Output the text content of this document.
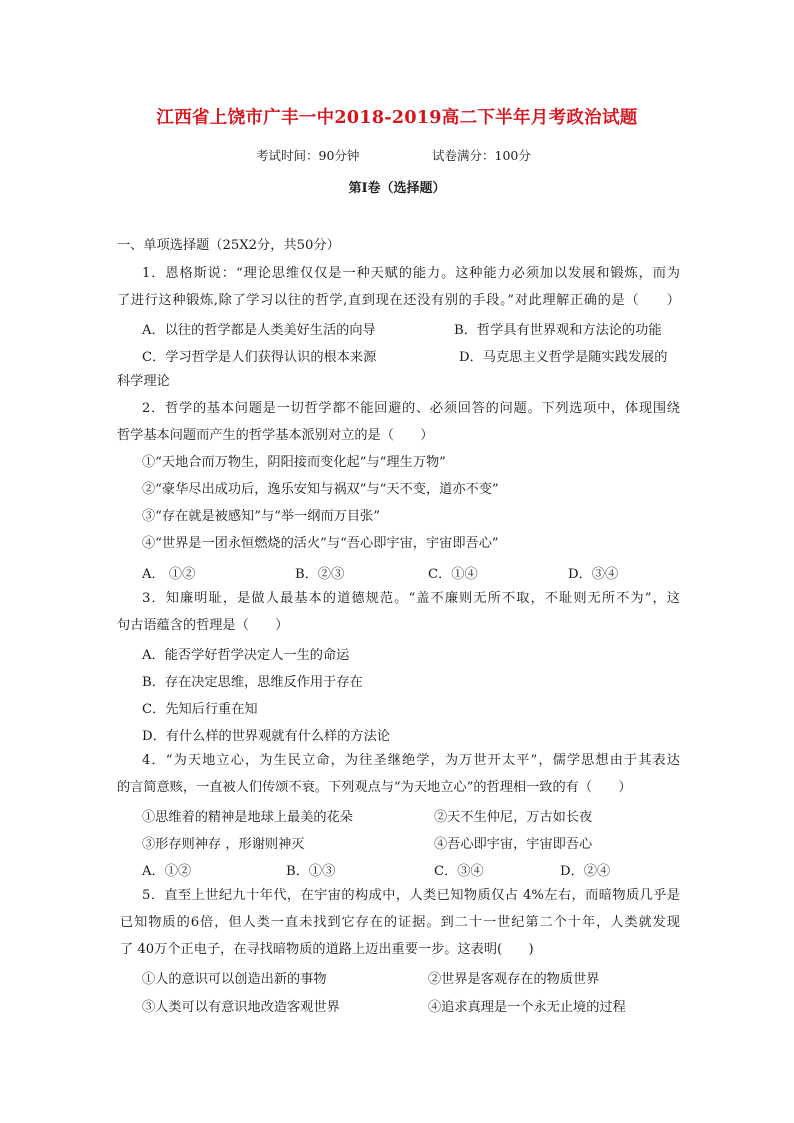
江西省上饶市广丰一中2018-2019高二下半年月考政治试题
考试时间：90分钟	试卷满分：100分
第Ⅰ卷（选择题）
一、单项选择题（25X2分，共50分）
1．恩格斯说：“理论思维仅仅是一种天赋的能力。这种能力必须加以发展和锻炼，而为
了进行这种锻炼,除了学习以往的哲学,直到现在还没有别的手段。”对此理解正确的是（　　）
A．以往的哲学都是人类美好生活的向导	B．哲学具有世界观和方法论的功能
C．学习哲学是人们获得认识的根本来源	D．马克思主义哲学是随实践发展的
科学理论
2．哲学的基本问题是一切哲学都不能回避的、必须回答的问题。下列选项中，体现围绕
哲学基本问题而产生的哲学基本派别对立的是（　　）
①“天地合而万物生，阴阳接而变化起”与“理生万物”
②“豪华尽出成功后，逸乐安知与祸双”与“天不变，道亦不变”
③“存在就是被感知”与“举一纲而万目张”
④“世界是一团永恒燃烧的活火”与“吾心即宇宙，宇宙即吾心”
A． ①②	B．②③	C．①④	D．③④
3．知廉明耻，是做人最基本的道德规范。“盖不廉则无所不取，不耻则无所不为”，这
句古语蕴含的哲理是（　　）
A．能否学好哲学决定人一生的命运
B．存在决定思维，思维反作用于存在
C．先知后行重在知
D．有什么样的世界观就有什么样的方法论
4．“为天地立心，为生民立命，为往圣继绝学，为万世开太平”，儒学思想由于其表达
的言简意赅，一直被人们传颂不衰。下列观点与“为天地立心”的哲理相一致的有（　　）
①思维着的精神是地球上最美的花朵	②天不生仲尼，万古如长夜
③形存则神存 ，形谢则神灭	④吾心即宇宙，宇宙即吾心
A．①②	B．①③	C．③④	D．②④
5．直至上世纪九十年代，在宇宙的构成中，人类已知物质仅占 4%左右，而暗物质几乎是
已知物质的6倍，但人类一直未找到它存在的证据。到二十一世纪第二个十年，人类就发现
了 40万个正电子，在寻找暗物质的道路上迈出重要一步。这表明(　　)
①人的意识可以创造出新的事物	②世界是客观存在的物质世界
③人类可以有意识地改造客观世界	④追求真理是一个永无止境的过程
